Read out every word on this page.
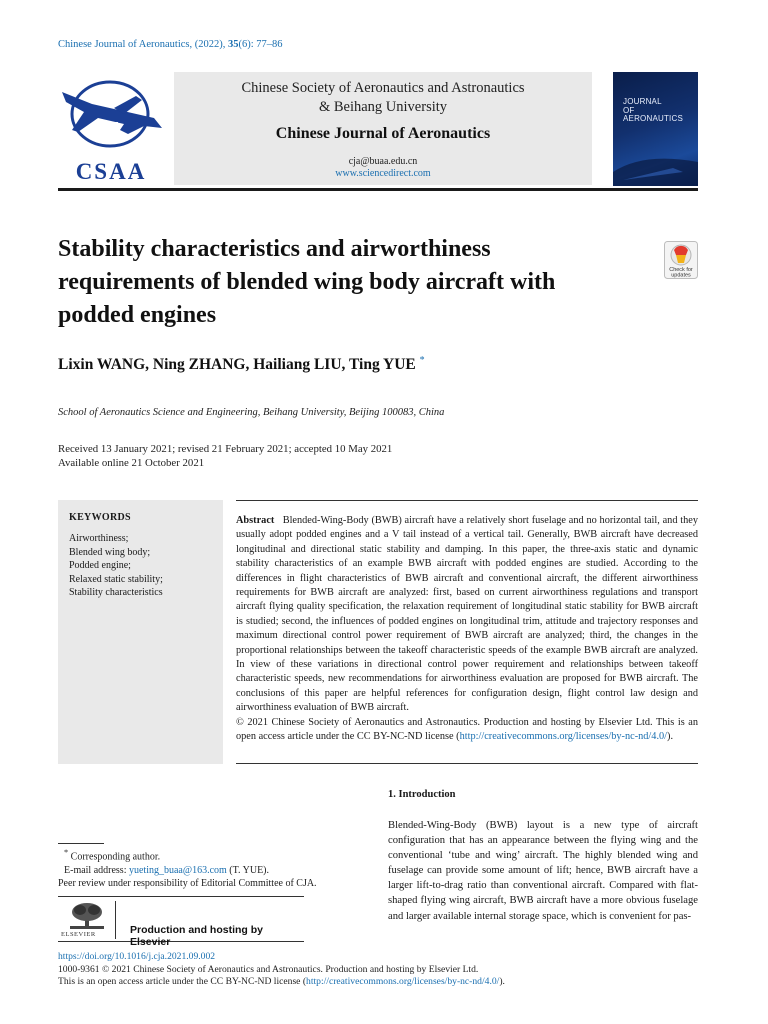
Chinese Journal of Aeronautics, (2022), 35(6): 77–86
CSAA
Chinese Society of Aeronautics and Astronautics
& Beihang University
Chinese Journal of Aeronautics
cja@buaa.edu.cn
www.sciencedirect.com
JOURNAL
OF
AERONAUTICS
Stability characteristics and airworthiness requirements of blended wing body aircraft with podded engines
Check for
updates
Lixin WANG, Ning ZHANG, Hailiang LIU, Ting YUE *
School of Aeronautics Science and Engineering, Beihang University, Beijing 100083, China
Received 13 January 2021; revised 21 February 2021; accepted 10 May 2021
Available online 21 October 2021
KEYWORDS
Airworthiness;
Blended wing body;
Podded engine;
Relaxed static stability;
Stability characteristics
Abstract Blended-Wing-Body (BWB) aircraft have a relatively short fuselage and no horizontal tail, and they usually adopt podded engines and a V tail instead of a vertical tail. Generally, BWB aircraft have decreased longitudinal and directional static stability and damping. In this paper, the three-axis static and dynamic stability characteristics of an example BWB aircraft with podded engines are studied. According to the differences in flight characteristics of BWB aircraft and conventional aircraft, the different airworthiness requirements for BWB aircraft are analyzed: first, based on current airworthiness regulations and transport aircraft flying quality specification, the relaxation requirement of longitudinal static stability for BWB aircraft is studied; second, the influences of podded engines on longitudinal trim, attitude and trajectory responses and maximum directional control power requirement of BWB aircraft are analyzed; third, the changes in the proportional relationships between the takeoff characteristic speeds of the example BWB aircraft are analyzed. In view of these variations in directional control power requirement and relationships between takeoff characteristic speeds, new recommendations for airworthiness evaluation are proposed for BWB aircraft. The conclusions of this paper are helpful references for configuration design, flight control law design and airworthiness evaluation of BWB aircraft.
© 2021 Chinese Society of Aeronautics and Astronautics. Production and hosting by Elsevier Ltd. This is an open access article under the CC BY-NC-ND license (http://creativecommons.org/licenses/by-nc-nd/4.0/).
1. Introduction
Blended-Wing-Body (BWB) layout is a new type of aircraft configuration that has an appearance between the flying wing and the conventional ‘tube and wing’ aircraft. The highly blended wing and fuselage can provide some amount of lift; hence, BWB aircraft have a larger lift-to-drag ratio than conventional aircraft. Compared with flat-shaped flying wing aircraft, BWB aircraft have a more obvious fuselage and larger available internal storage space, which is convenient for pas-
* Corresponding author.
E-mail address: yueting_buaa@163.com (T. YUE).
Peer review under responsibility of Editorial Committee of CJA.
ELSEVIER	Production and hosting by Elsevier
https://doi.org/10.1016/j.cja.2021.09.002
1000-9361 © 2021 Chinese Society of Aeronautics and Astronautics. Production and hosting by Elsevier Ltd.
This is an open access article under the CC BY-NC-ND license (http://creativecommons.org/licenses/by-nc-nd/4.0/).
